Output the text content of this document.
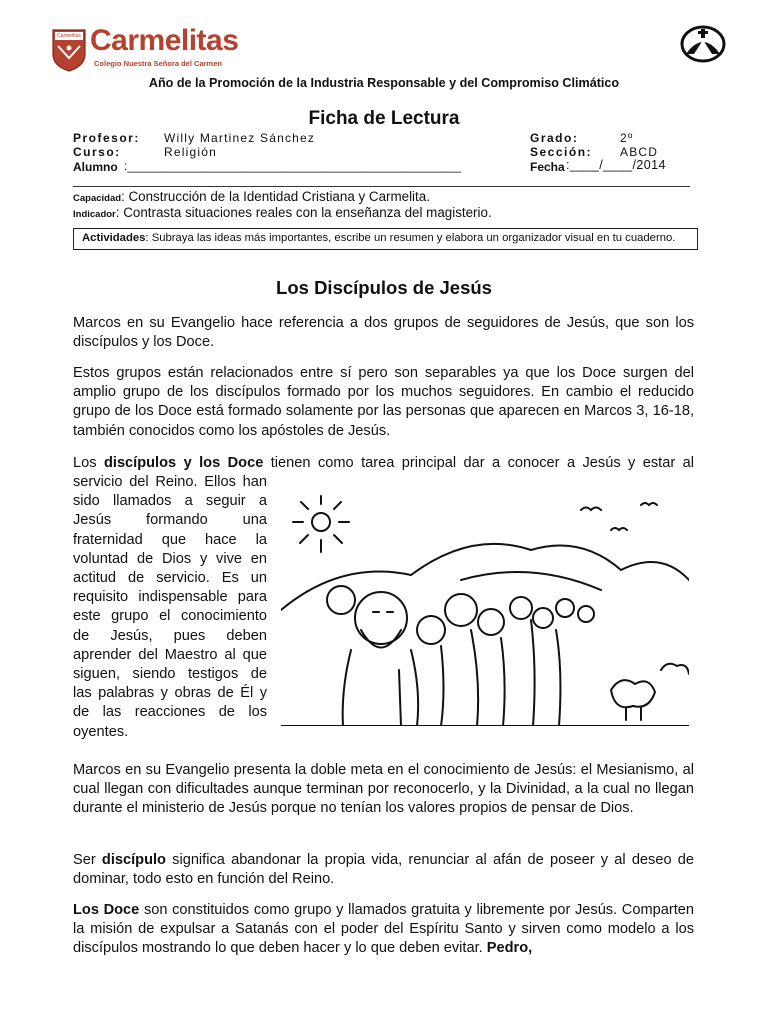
Carmelitas Carmelitas
Colegio Nuestra Señora del Carmen
Año de la Promoción de la Industria Responsable y del Compromiso Climático
Ficha de Lectura
Profesor: Willy Martinez Sánchez
Curso:	Religión
Alumno :__________________________________________________
Grado:	2º
Sección: ABCD
Fecha :____/____/2014
Capacidad: Construcción de la Identidad Cristiana y Carmelita.
Indicador: Contrasta situaciones reales con la enseñanza del magisterio.
Actividades: Subraya las ideas más importantes, escribe un resumen y elabora un organizador visual en tu cuaderno.
Los Discípulos de Jesús
Marcos en su Evangelio hace referencia a dos grupos de seguidores de Jesús, que son los discípulos y los Doce.
Estos grupos están relacionados entre sí pero son separables ya que los Doce surgen del amplio grupo de los discípulos formado por los muchos seguidores. En cambio el reducido grupo de los Doce está formado solamente por las personas que aparecen en Marcos 3, 16-18, también conocidos como los apóstoles de Jesús.
Los discípulos y los Doce tienen como tarea principal dar a conocer a Jesús y estar al
servicio del Reino. Ellos han
sido llamados a seguir a
Jesús formando una
fraternidad que hace la
voluntad de Dios y vive en
actitud de servicio. Es un
requisito indispensable para
este grupo el conocimiento
de Jesús, pues deben
aprender del Maestro al que
siguen, siendo testigos de
las palabras y obras de Él y
de las reacciones de los
oyentes.
Marcos en su Evangelio presenta la doble meta en el conocimiento de Jesús: el Mesianismo, al cual llegan con dificultades aunque terminan por reconocerlo, y la Divinidad, a la cual no llegan durante el ministerio de Jesús porque no tenían los valores propios de pensar de Dios.
Ser discípulo significa abandonar la propia vida, renunciar al afán de poseer y al deseo de dominar, todo esto en función del Reino.
Los Doce son constituidos como grupo y llamados gratuita y libremente por Jesús. Comparten la misión de expulsar a Satanás con el poder del Espíritu Santo y sirven como modelo a los discípulos mostrando lo que deben hacer y lo que deben evitar. Pedro,
